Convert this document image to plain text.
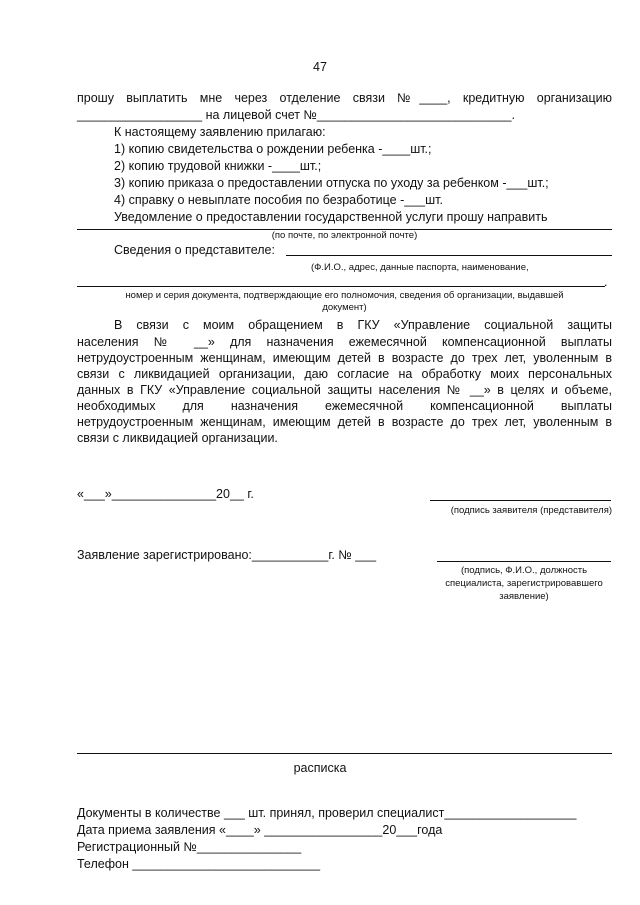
47
прошу выплатить мне через отделение связи №____, кредитную организацию
__________________ на лицевой счет №____________________________.
К настоящему заявлению прилагаю:
1) копию свидетельства о рождении ребенка -____шт.;
2) копию трудовой книжки -____шт.;
3) копию приказа о предоставлении отпуска по уходу за ребенком -___шт.;
4) справку о невыплате пособия по безработице -___шт.
Уведомление о предоставлении государственной услуги прошу направить
(по почте, по электронной почте)
Сведения о представителе:
(Ф.И.О., адрес, данные паспорта, наименование,
.
номер и серия документа, подтверждающие его полномочия, сведения об организации, выдавшей
документ)
В связи с моим обращением в ГКУ «Управление социальной защиты
населения № __» для назначения ежемесячной компенсационной выплаты
нетрудоустроенным женщинам, имеющим детей в возрасте до трех лет, уволенным в
связи с ликвидацией организации, даю согласие на обработку моих персональных
данных в ГКУ «Управление социальной защиты населения № __» в целях и объеме,
необходимых для назначения ежемесячной компенсационной выплаты
нетрудоустроенным женщинам, имеющим детей в возрасте до трех лет, уволенным в
связи с ликвидацией организации.
«___»_______________20__ г.
(подпись заявителя (представителя)
Заявление зарегистрировано:___________г. № ___
(подпись, Ф.И.О., должность
специалиста, зарегистрировавшего
заявление)
расписка
Документы в количестве ___ шт. принял, проверил специалист___________________
Дата приема заявления «____» _________________20___года
Регистрационный №_______________
Телефон ___________________________
